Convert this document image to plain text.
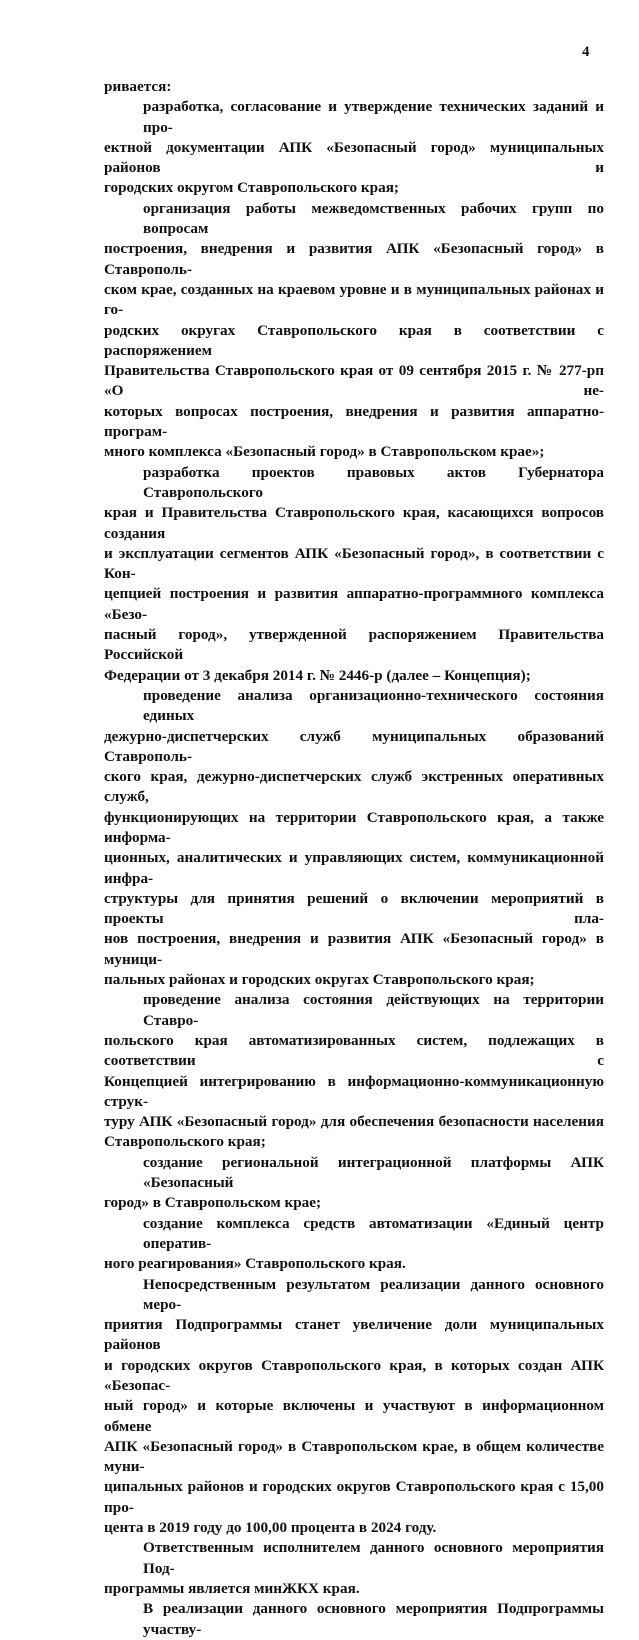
4
ривается:
разработка, согласование и утверждение технических заданий и про-
ектной документации АПК «Безопасный город» муниципальных районов и
городских округом Ставропольского края;
организация работы межведомственных рабочих групп по вопросам
построения, внедрения и развития АПК «Безопасный город» в Ставрополь-
ском крае, созданных на краевом уровне и в муниципальных районах и го-
родских округах Ставропольского края в соответствии с распоряжением
Правительства Ставропольского края от 09 сентября 2015 г. № 277-рп «О не-
которых вопросах построения, внедрения и развития аппаратно-програм-
много комплекса «Безопасный город» в Ставропольском крае»;
разработка проектов правовых актов Губернатора Ставропольского
края и Правительства Ставропольского края, касающихся вопросов создания
и эксплуатации сегментов АПК «Безопасный город», в соответствии с Кон-
цепцией построения и развития аппаратно-программного комплекса «Безо-
пасный город», утвержденной распоряжением Правительства Российской
Федерации от 3 декабря 2014 г. № 2446-р (далее – Концепция);
проведение анализа организационно-технического состояния единых
дежурно-диспетчерских служб муниципальных образований Ставрополь-
ского края, дежурно-диспетчерских служб экстренных оперативных служб,
функционирующих на территории Ставропольского края, а также информа-
ционных, аналитических и управляющих систем, коммуникационной инфра-
структуры для принятия решений о включении мероприятий в проекты пла-
нов построения, внедрения и развития АПК «Безопасный город» в муници-
пальных районах и городских округах Ставропольского края;
проведение анализа состояния действующих на территории Ставро-
польского края автоматизированных систем, подлежащих в соответствии с
Концепцией интегрированию в информационно-коммуникационную струк-
туру АПК «Безопасный город» для обеспечения безопасности населения
Ставропольского края;
создание региональной интеграционной платформы АПК «Безопасный
город» в Ставропольском крае;
создание комплекса средств автоматизации «Единый центр оператив-
ного реагирования» Ставропольского края.
Непосредственным результатом реализации данного основного меро-
приятия Подпрограммы станет увеличение доли муниципальных районов
и городских округов Ставропольского края, в которых создан АПК «Безопас-
ный город» и которые включены и участвуют в информационном обмене
АПК «Безопасный город» в Ставропольском крае, в общем количестве муни-
ципальных районов и городских округов Ставропольского края с 15,00 про-
цента в 2019 году до 100,00 процента в 2024 году.
Ответственным исполнителем данного основного мероприятия Под-
программы является минЖКХ края.
В реализации данного основного мероприятия Подпрограммы участву-
